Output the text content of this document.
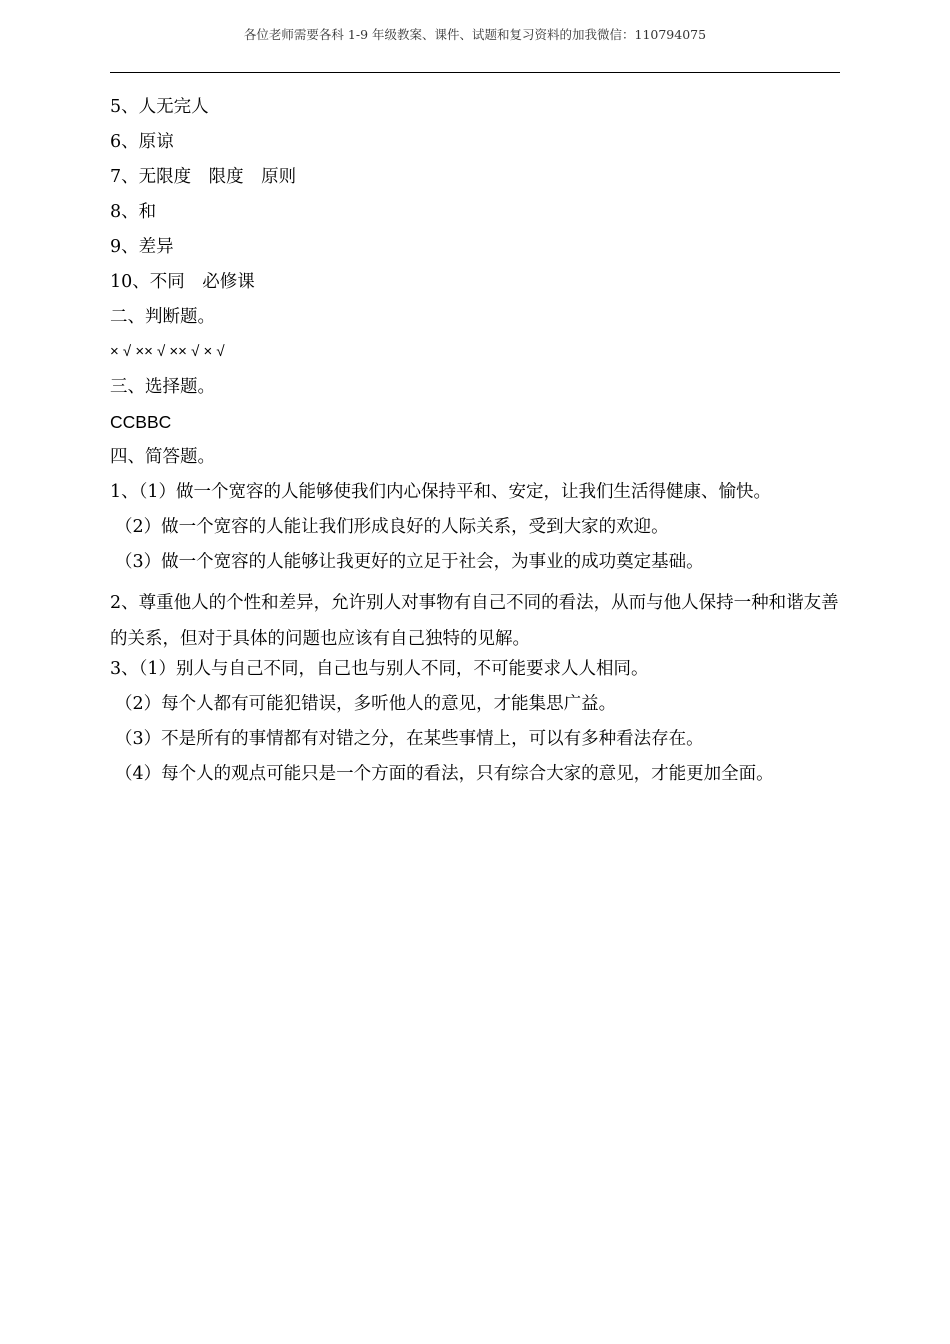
各位老师需要各科 1-9 年级教案、课件、试题和复习资料的加我微信：110794075
5、人无完人
6、原谅
7、无限度　限度　原则
8、和
9、差异
10、不同　必修课
二、判断题。
× √ ×× √ ×× √ × √
三、选择题。
CCBBC
四、简答题。
1、（1）做一个宽容的人能够使我们内心保持平和、安定，让我们生活得健康、愉快。
（2）做一个宽容的人能让我们形成良好的人际关系，受到大家的欢迎。
（3）做一个宽容的人能够让我更好的立足于社会，为事业的成功奠定基础。
2、尊重他人的个性和差异，允许别人对事物有自己不同的看法，从而与他人保持一种和谐友善的关系，但对于具体的问题也应该有自己独特的见解。
3、（1）别人与自己不同，自己也与别人不同，不可能要求人人相同。
（2）每个人都有可能犯错误，多听他人的意见，才能集思广益。
（3）不是所有的事情都有对错之分，在某些事情上，可以有多种看法存在。
（4）每个人的观点可能只是一个方面的看法，只有综合大家的意见，才能更加全面。
